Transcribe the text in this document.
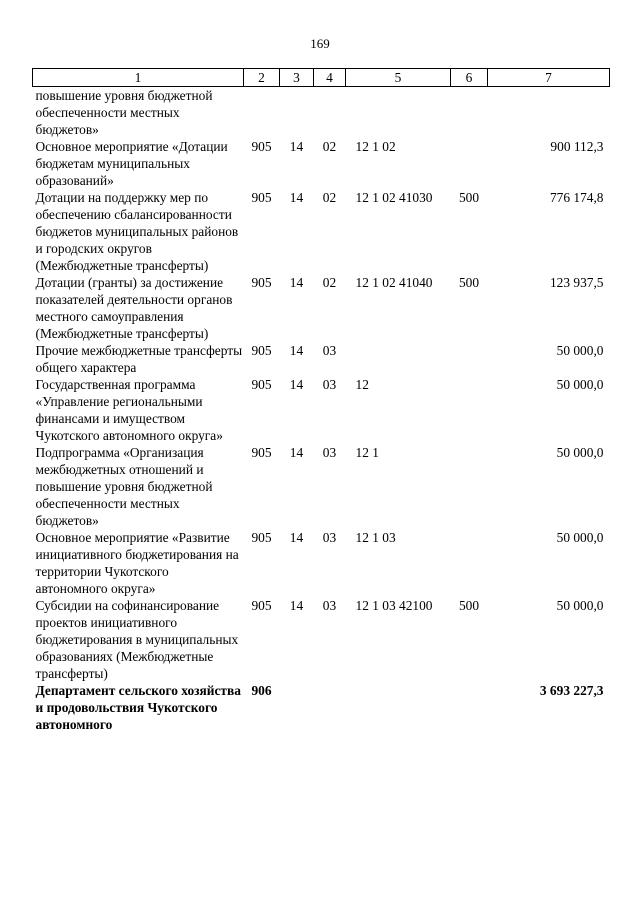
169
1	2	3	4	5	6	7
повышение уровня бюджетной обеспеченности местных бюджетов»						
Основное мероприятие «Дотации бюджетам муниципальных образований»	905	14	02	12 1 02		900 112,3
Дотации на поддержку мер по обеспечению сбалансированности бюджетов муниципальных районов и городских округов (Межбюджетные трансферты)	905	14	02	12 1 02 41030	500	776 174,8
Дотации (гранты) за достижение показателей деятельности органов местного самоуправления (Межбюджетные трансферты)	905	14	02	12 1 02 41040	500	123 937,5
Прочие межбюджетные трансферты общего характера	905	14	03			50 000,0
Государственная программа «Управление региональными финансами и имуществом Чукотского автономного округа»	905	14	03	12		50 000,0
Подпрограмма «Организация межбюджетных отношений и повышение уровня бюджетной обеспеченности местных бюджетов»	905	14	03	12 1		50 000,0
Основное мероприятие «Развитие инициативного бюджетирования на территории Чукотского автономного округа»	905	14	03	12 1 03		50 000,0
Субсидии на софинансирование проектов инициативного бюджетирования в муниципальных образованиях (Межбюджетные трансферты)	905	14	03	12 1 03 42100	500	50 000,0
Департамент сельского хозяйства и продовольствия Чукотского автономного	906					3 693 227,3
